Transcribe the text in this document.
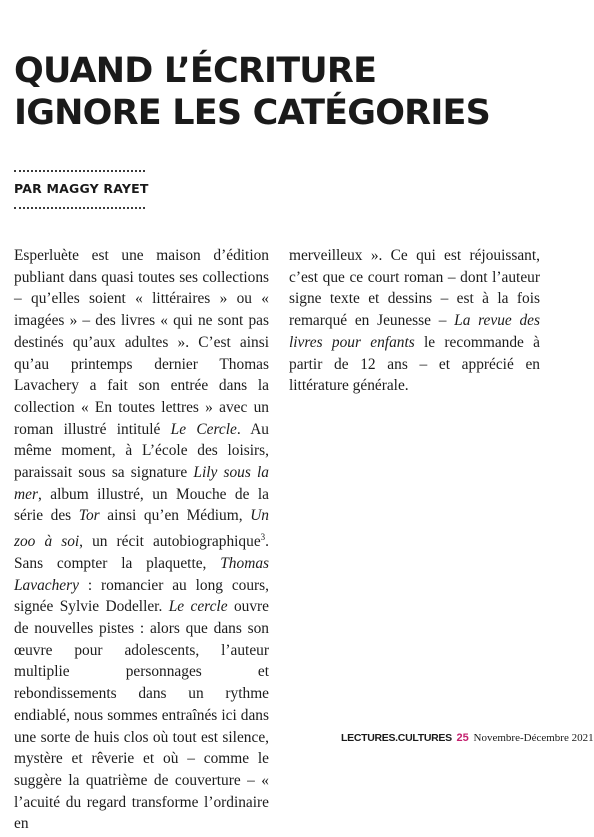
QUAND L’ÉCRITURE
IGNORE LES CATÉGORIES
PAR MAGGY RAYET

Esperluète est une maison d’édition publiant dans quasi toutes ses collections – qu’elles soient « littéraires » ou « imagées » – des livres « qui ne sont pas destinés qu’aux adultes ». C’est ainsi qu’au printemps dernier Thomas Lavachery a fait son entrée dans la collection « En toutes lettres » avec un roman illustré intitulé Le Cercle. Au même moment, à L’école des loisirs, paraissait sous sa signature Lily sous la mer, album illustré, un Mouche de la série des Tor ainsi qu’en Médium, Un zoo à soi, un récit autobiographique$^3$. Sans compter la plaquette, Thomas Lavachery : romancier au long cours, signée Sylvie Dodeller. Le cercle ouvre de nouvelles pistes : alors que dans son œuvre pour adolescents, l’auteur multiplie personnages et rebondissements dans un rythme endiablé, nous sommes entraînés ici dans une sorte de huis clos où tout est silence, mystère et rêverie et où – comme le suggère la quatrième de couverture – « l’acuité du regard transforme l’ordinaire en

merveilleux ». Ce qui est réjouissant, c’est que ce court roman – dont l’auteur signe texte et dessins – est à la fois remarqué en Jeunesse – La revue des livres pour enfants le recommande à partir de 12 ans – et apprécié en littérature générale.

LECTURES.CULTURES 25 Novembre-Décembre 2021
